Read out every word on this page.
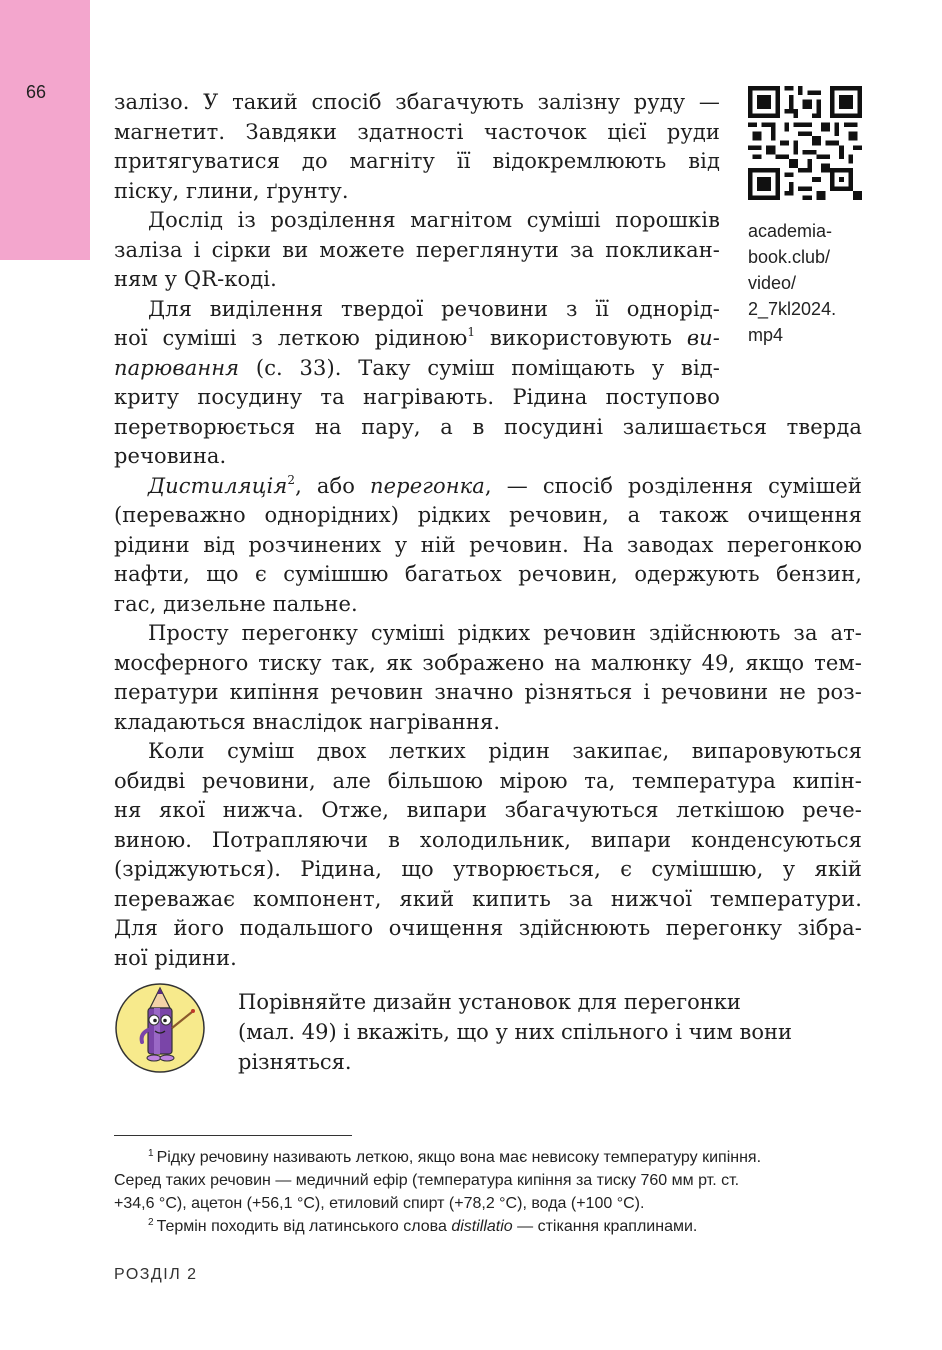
66
academia-
book.club/
video/
2_7kl2024.
mp4

залізо. У такий спосіб збагачують залізну руду —
магнетит. Завдяки здатності часточок цієї руди
притягуватися до магніту її відокремлюють від
піску, глини, ґрунту.

Дослід із розділення магнітом суміші порошків
заліза і сірки ви можете переглянути за покликан-
ням у QR-коді.

Для виділення твердої речовини з її однорід-
ної суміші з леткою рідиною$^1$ використовують ви-
парювання (с. 33). Таку суміш поміщають у від-
криту посудину та нагрівають. Рідина поступово
перетворюється на пару, а в посудині залишається тверда
речовина.

Дистиляція$^2$, або перегонка, — спосіб розділення сумішей
(переважно однорідних) рідких речовин, а також очищення
рідини від розчинених у ній речовин. На заводах перегонкою
нафти, що є сумішшю багатьох речовин, одержують бензин,
гас, дизельне пальне.

Просту перегонку суміші рідких речовин здійснюють за ат-
мосферного тиску так, як зображено на малюнку 49, якщо тем-
ператури кипіння речовин значно різняться і речовини не роз-
кладаються внаслідок нагрівання.

Коли суміш двох летких рідин закипає, випаровуються
обидві речовини, але більшою мірою та, температура кипін-
ня якої нижча. Отже, випари збагачуються леткішою рече-
виною. Потрапляючи в холодильник, випари конденсуються
(зріджуються). Рідина, що утворюється, є сумішшю, у якій
переважає компонент, який кипить за нижчої температури.
Для його подальшого очищення здійснюють перегонку зібра-
ної рідини.

Порівняйте дизайн установок для перегонки
(мал. 49) і вкажіть, що у них спільного і чим вони
різняться.
$^1$ Рідку речовину називають леткою, якщо вона має невисоку температуру кипіння.
Серед таких речовин — медичний ефір (температура кипіння за тиску 760 мм рт. ст.
+34,6 °С), ацетон (+56,1 °С), етиловий спирт (+78,2 °С), вода (+100 °С).
$^2$ Термін походить від латинського слова distillatio — стікання краплинами.
РОЗДІЛ 2
